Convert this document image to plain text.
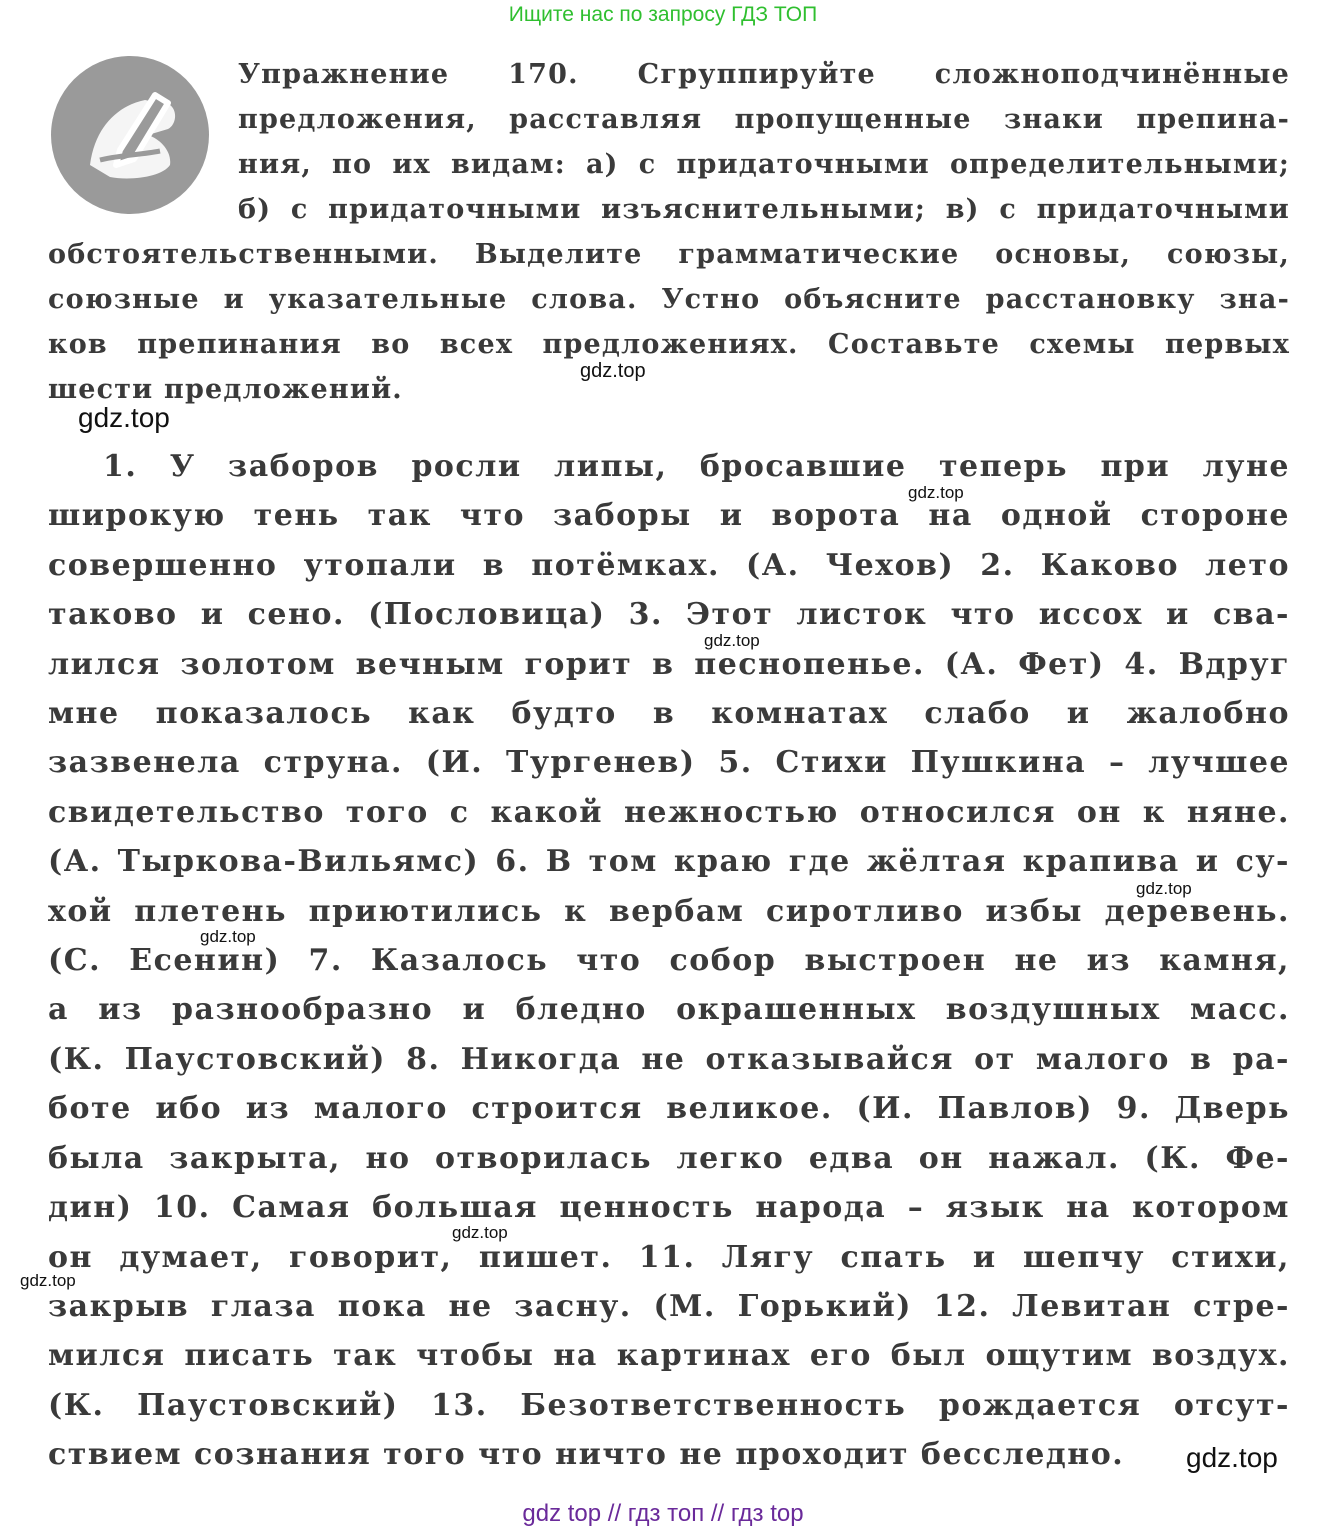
Ищите нас по запросу ГДЗ ТОП
Упражнение 170. Сгруппируйте сложноподчинённые
предложения, расставляя пропущенные знаки препина-
ния, по их видам: а) с придаточными определительными;
б) с придаточными изъяснительными; в) с придаточными
обстоятельственными. Выделите грамматические основы, союзы,
союзные и указательные слова. Устно объясните расстановку зна-
ков препинания во всех предложениях. Составьте схемы первых
шести предложений.
1. У заборов росли липы, бросавшие теперь при луне
широкую тень так что заборы и ворота на одной стороне
совершенно утопали в потёмках. (А. Чехов) 2. Каково лето
таково и сено. (Пословица) 3. Этот листок что иссох и сва-
лился золотом вечным горит в песнопенье. (А. Фет) 4. Вдруг
мне показалось как будто в комнатах слабо и жалобно
зазвенела струна. (И. Тургенев) 5. Стихи Пушкина – лучшее
свидетельство того с какой нежностью относился он к няне.
(А. Тыркова-Вильямс) 6. В том краю где жёлтая крапива и су-
хой плетень приютились к вербам сиротливо избы деревень.
(С. Есенин) 7. Казалось что собор выстроен не из камня,
а из разнообразно и бледно окрашенных воздушных масс.
(К. Паустовский) 8. Никогда не отказывайся от малого в ра-
боте ибо из малого строится великое. (И. Павлов) 9. Дверь
была закрыта, но отворилась легко едва он нажал. (К. Фе-
дин) 10. Самая большая ценность народа – язык на котором
он думает, говорит, пишет. 11. Лягу спать и шепчу стихи,
закрыв глаза пока не засну. (М. Горький) 12. Левитан стре-
мился писать так чтобы на картинах его был ощутим воздух.
(К. Паустовский) 13. Безответственность рождается отсут-
ствием сознания того что ничто не проходит бесследно.
gdz.top
gdz.top
gdz.top
gdz.top
gdz.top
gdz.top
gdz.top
gdz.top
gdz.top
gdz top // гдз топ // гдз top
